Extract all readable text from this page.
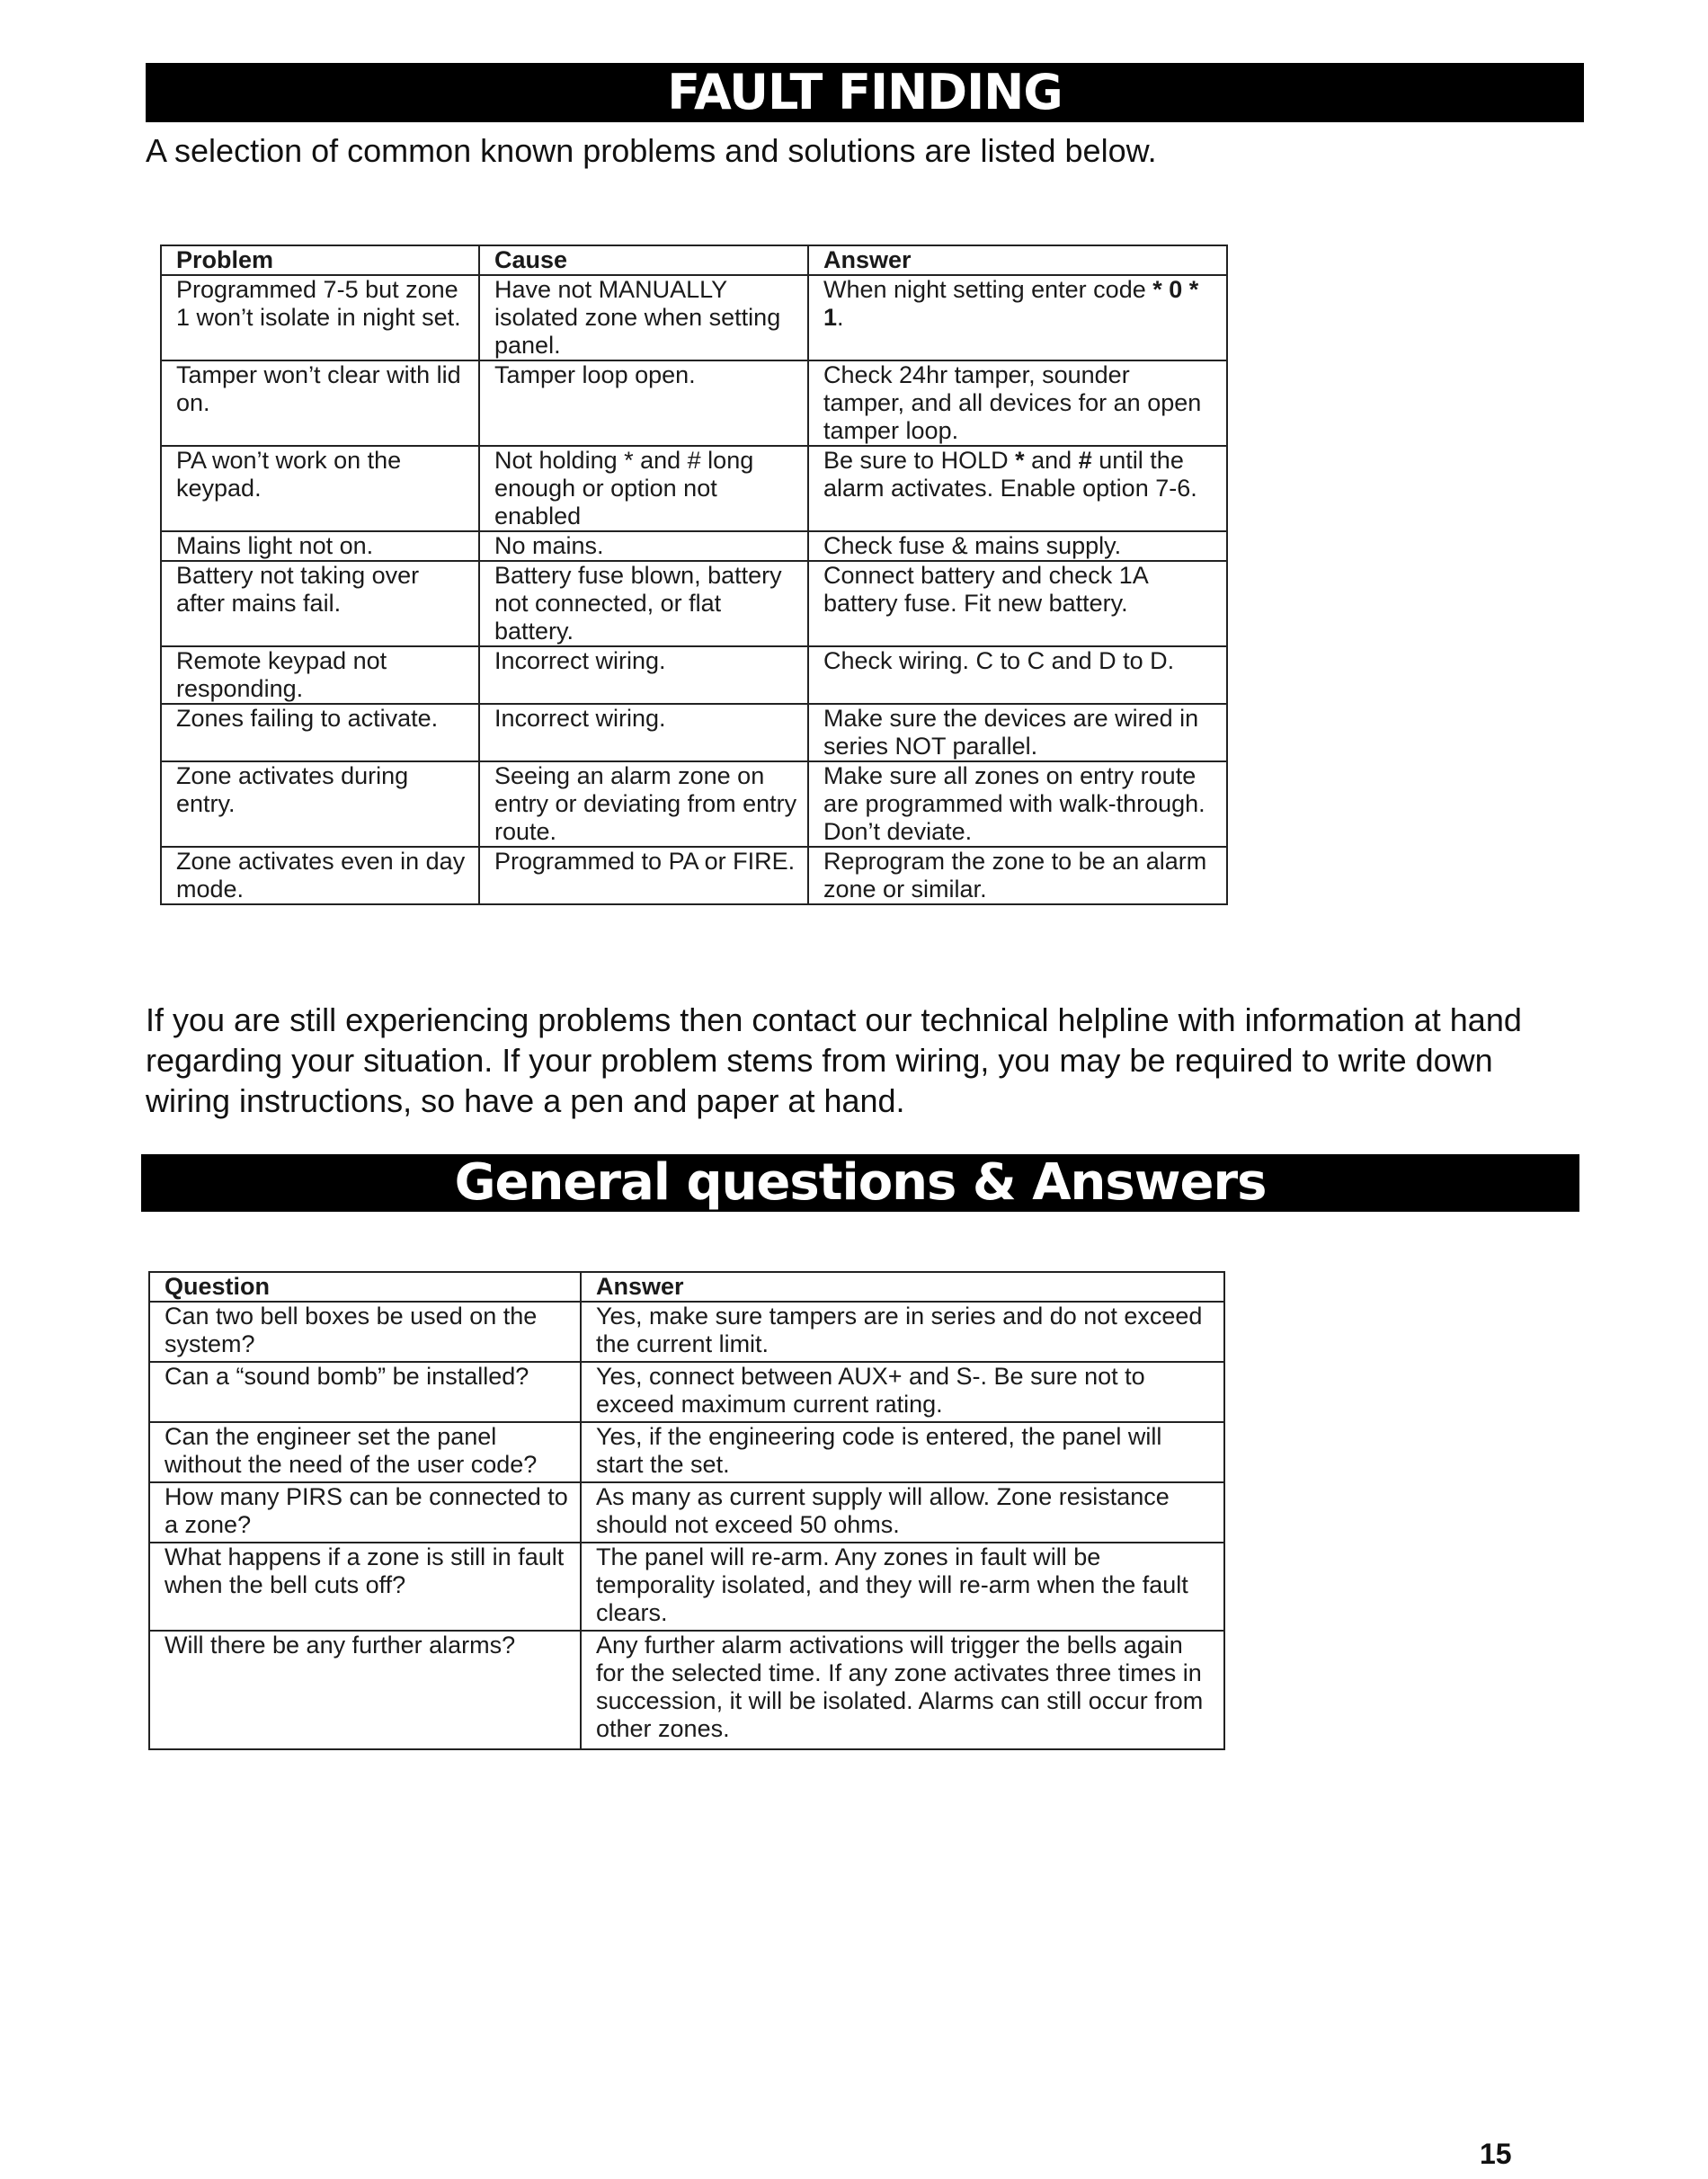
FAULT FINDING

A selection of common known problems and solutions are listed below.

Problem	Cause	Answer
Programmed 7-5 but zone 1 won’t isolate in night set.	Have not MANUALLY isolated zone when setting panel.	When night setting enter code * 0 * 1.
Tamper won’t clear with lid on.	Tamper loop open.	Check 24hr tamper, sounder tamper, and all devices for an open tamper loop.
PA won’t work on the keypad.	Not holding * and # long enough or option not enabled	Be sure to HOLD * and # until the alarm activates. Enable option 7-6.
Mains light not on.	No mains.	Check fuse & mains supply.
Battery not taking over after mains fail.	Battery fuse blown, battery not connected, or flat battery.	Connect battery and check 1A battery fuse. Fit new battery.
Remote keypad not responding.	Incorrect wiring.	Check wiring. C to C and D to D.
Zones failing to activate.	Incorrect wiring.	Make sure the devices are wired in series NOT parallel.
Zone activates during entry.	Seeing an alarm zone on entry or deviating from entry route.	Make sure all zones on entry route are programmed with walk-through. Don’t deviate.
Zone activates even in day mode.	Programmed to PA or FIRE.	Reprogram the zone to be an alarm zone or similar.

If you are still experiencing problems then contact our technical helpline with information at hand regarding your situation. If your problem stems from wiring, you may be required to write down wiring instructions, so have a pen and paper at hand.

General questions & Answers
Question	Answer
Can two bell boxes be used on the system?	Yes, make sure tampers are in series and do not exceed the current limit.
Can a “sound bomb” be installed?	Yes, connect between AUX+ and S-. Be sure not to exceed maximum current rating.
Can the engineer set the panel without the need of the user code?	Yes, if the engineering code is entered, the panel will start the set.
How many PIRS can be connected to a zone?	As many as current supply will allow. Zone resistance should not exceed 50 ohms.
What happens if a zone is still in fault when the bell cuts off?	The panel will re-arm. Any zones in fault will be temporality isolated, and they will re-arm when the fault clears.
Will there be any further alarms?	Any further alarm activations will trigger the bells again for the selected time. If any zone activates three times in succession, it will be isolated. Alarms can still occur from other zones.
15
